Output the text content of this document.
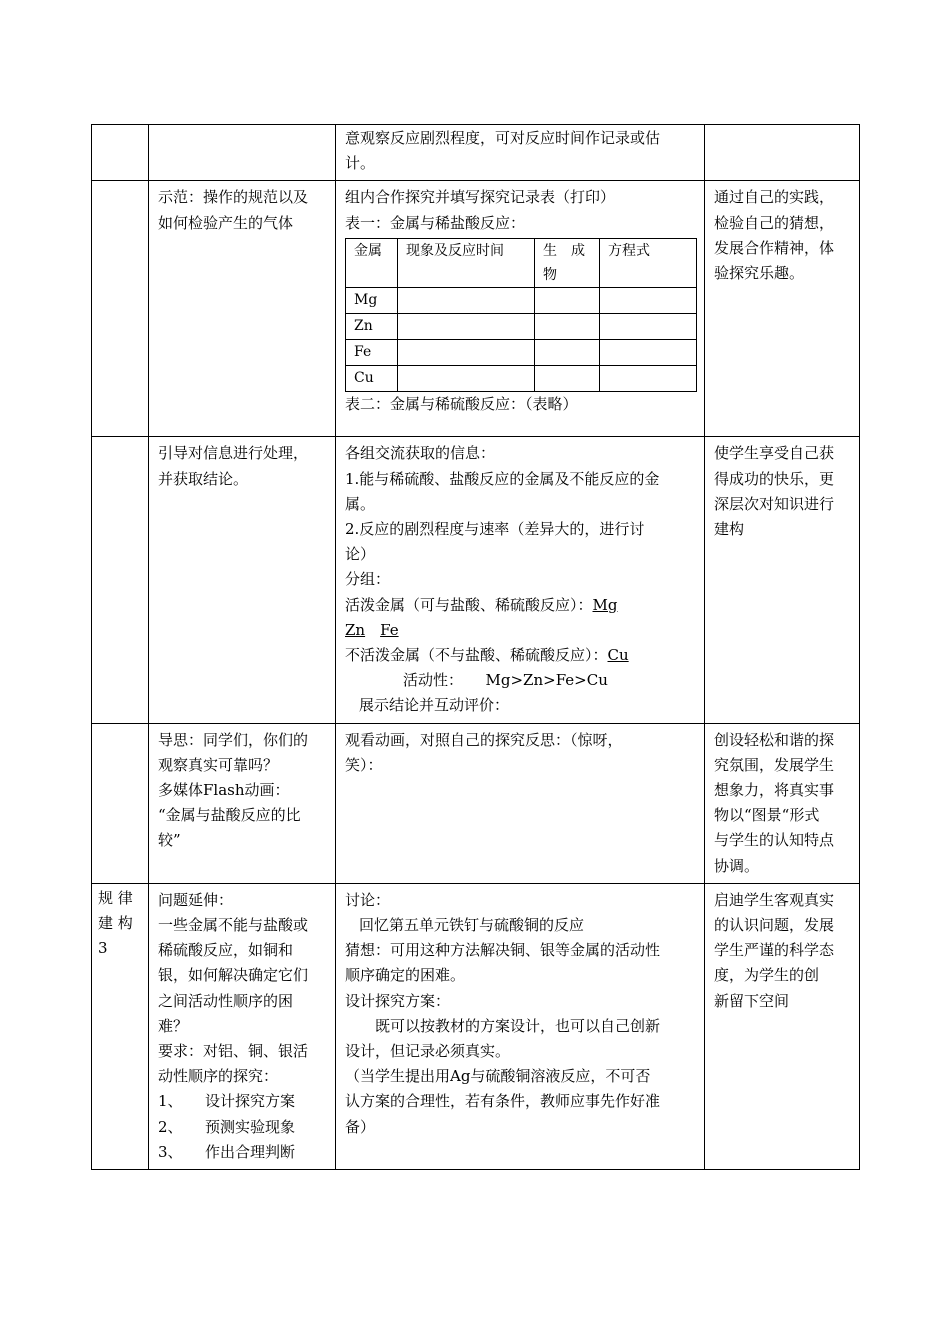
意观察反应剧烈程度，可对反应时间作记录或估
计。

示范：操作的规范以及
如何检验产生的气体

组内合作探究并填写探究记录表（打印）
表一：金属与稀盐酸反应：
金属	现象及反应时间	生　成物	方程式
Mg			
Zn			
Fe			
Cu			
表二：金属与稀硫酸反应：（表略）

通过自己的实践，
检验自己的猜想，
发展合作精神，体
验探究乐趣。

引导对信息进行处理，
并获取结论。

各组交流获取的信息：
1.能与稀硫酸、盐酸反应的金属及不能反应的金
属。
2.反应的剧烈程度与速率（差异大的，进行讨
论）
分组：
活泼金属（可与盐酸、稀硫酸反应）：Mg
Zn　 Fe
不活泼金属（不与盐酸、稀硫酸反应）：Cu
活动性：　　 Mg>Zn>Fe>Cu
展示结论并互动评价：

使学生享受自己获
得成功的快乐，更
深层次对知识进行
建构

导思：同学们，你们的
观察真实可靠吗？
多媒体Flash动画：
“金属与盐酸反应的比
较”

观看动画，对照自己的探究反思：（惊呀，
笑）：

创设轻松和谐的探
究氛围，发展学生
想象力，将真实事
物以“图景“形式
与学生的认知特点
协调。

规 律
建 构
3

问题延伸：
一些金属不能与盐酸或
稀硫酸反应，如铜和
银，如何解决确定它们
之间活动性顺序的困
难？
要求：对铝、铜、银活
动性顺序的探究：
1、　　设计探究方案
2、　　预测实验现象
3、　　作出合理判断

讨论：
回忆第五单元铁钉与硫酸铜的反应
猜想：可用这种方法解决铜、银等金属的活动性
顺序确定的困难。
设计探究方案：
　　既可以按教材的方案设计，也可以自己创新
设计，但记录必须真实。
（当学生提出用Ag与硫酸铜溶液反应，不可否
认方案的合理性，若有条件，教师应事先作好准
备）

启迪学生客观真实
的认识问题，发展
学生严谨的科学态
度，为学生的创
新留下空间
